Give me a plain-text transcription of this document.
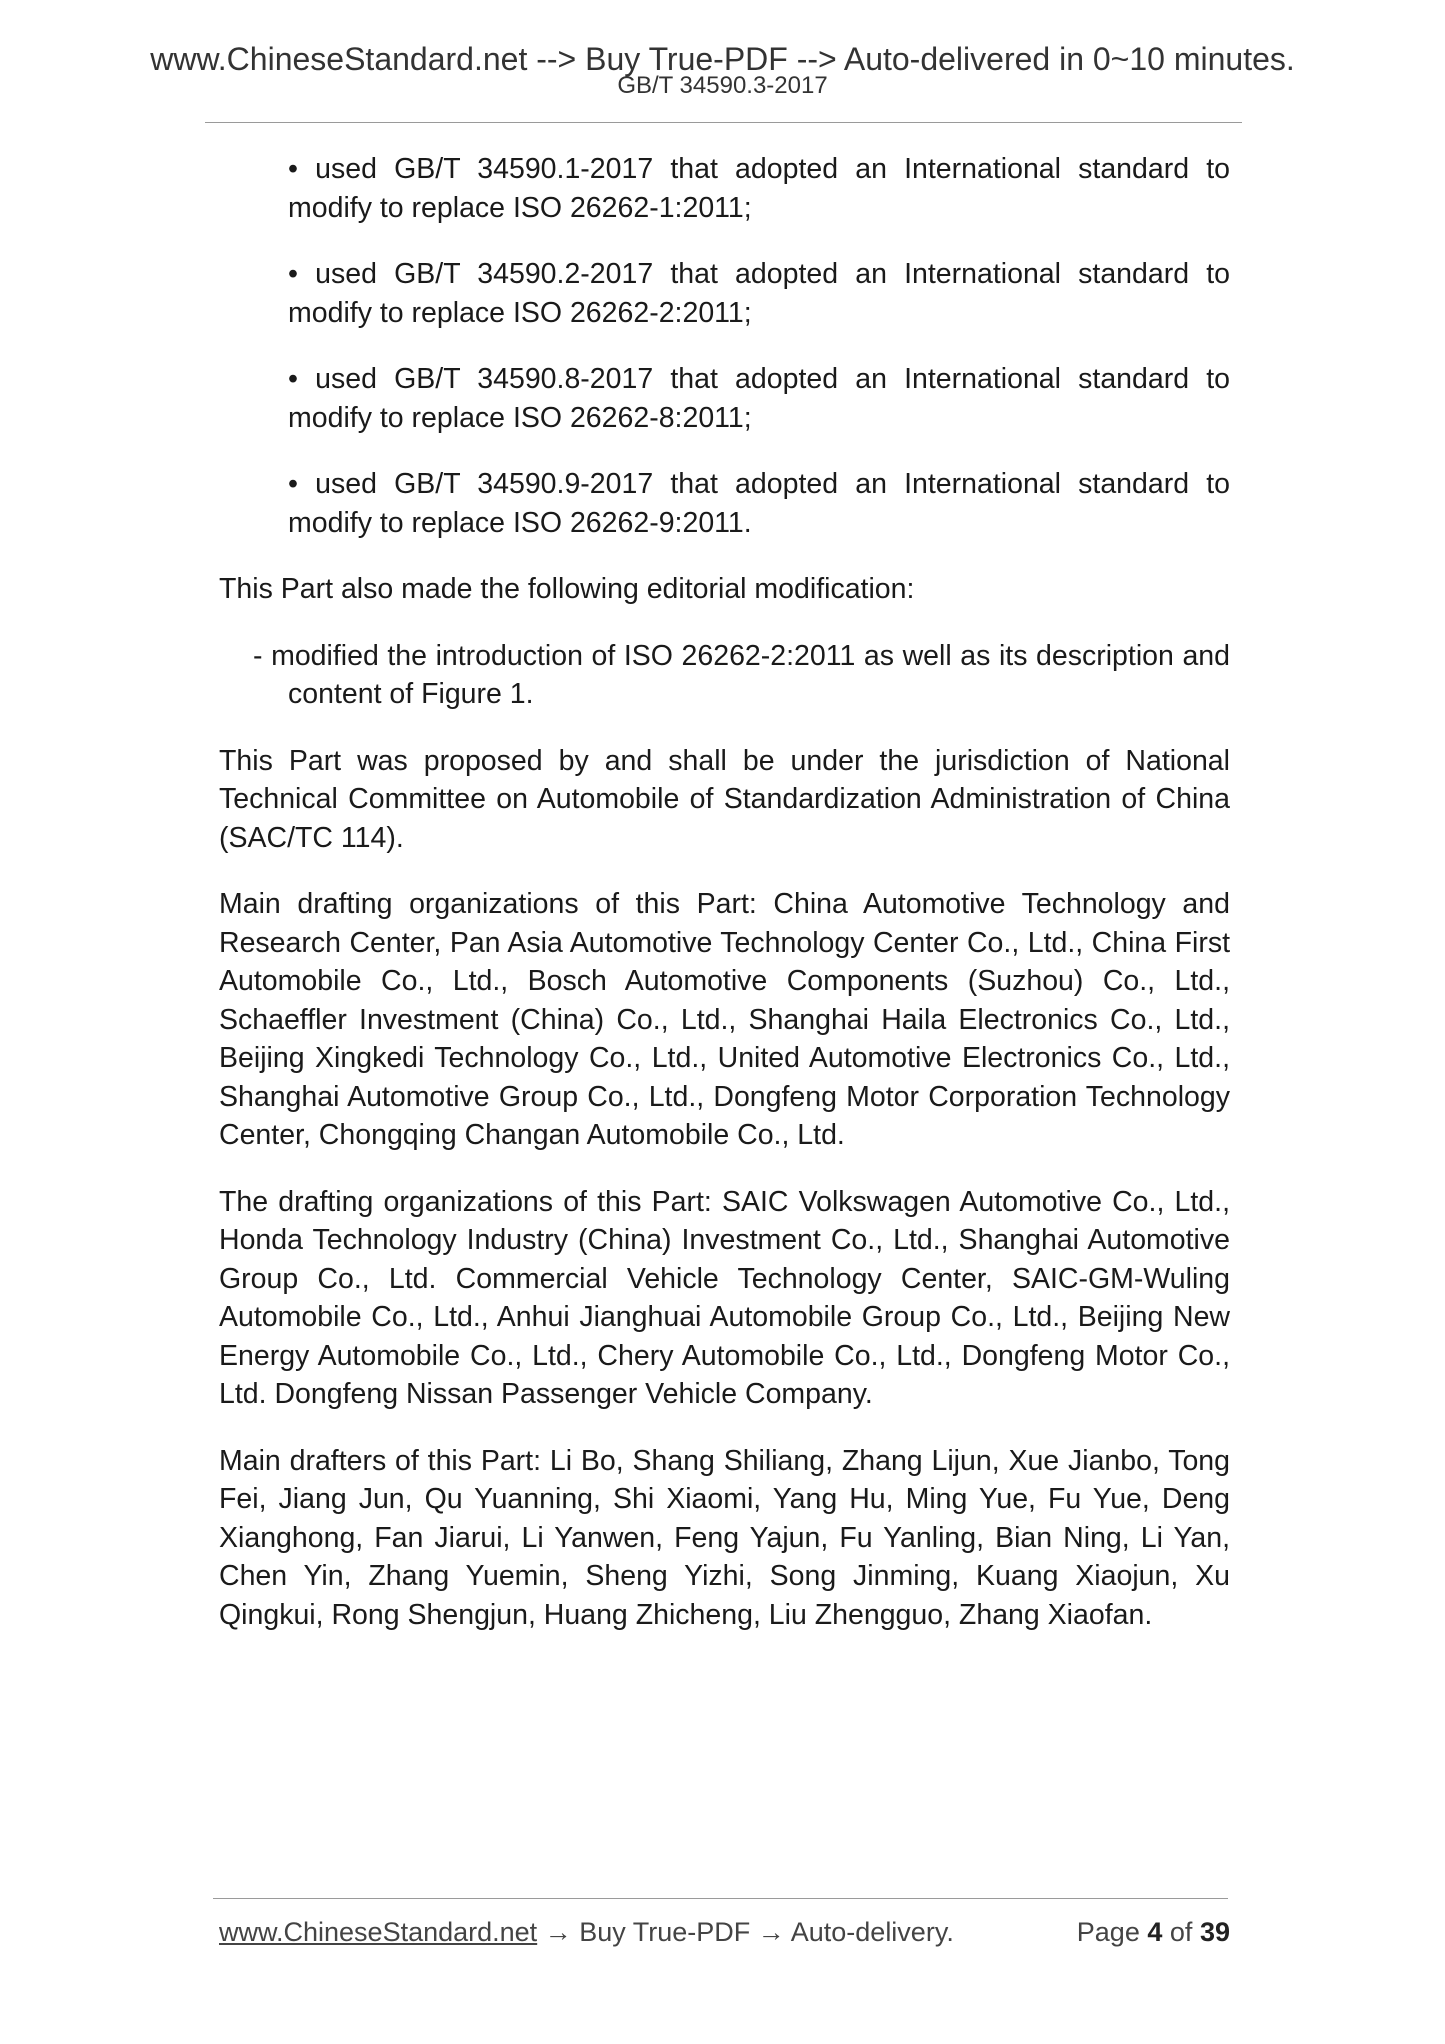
www.ChineseStandard.net --> Buy True-PDF --> Auto-delivered in 0~10 minutes.
GB/T 34590.3-2017

• used GB/T 34590.1-2017 that adopted an International standard to modify to replace ISO 26262-1:2011;

• used GB/T 34590.2-2017 that adopted an International standard to modify to replace ISO 26262-2:2011;

• used GB/T 34590.8-2017 that adopted an International standard to modify to replace ISO 26262-8:2011;

• used GB/T 34590.9-2017 that adopted an International standard to modify to replace ISO 26262-9:2011.

This Part also made the following editorial modification:

- modified the introduction of ISO 26262-2:2011 as well as its description and content of Figure 1.

This Part was proposed by and shall be under the jurisdiction of National Technical Committee on Automobile of Standardization Administration of China (SAC/TC 114).

Main drafting organizations of this Part: China Automotive Technology and Research Center, Pan Asia Automotive Technology Center Co., Ltd., China First Automobile Co., Ltd., Bosch Automotive Components (Suzhou) Co., Ltd., Schaeffler Investment (China) Co., Ltd., Shanghai Haila Electronics Co., Ltd., Beijing Xingkedi Technology Co., Ltd., United Automotive Electronics Co., Ltd., Shanghai Automotive Group Co., Ltd., Dongfeng Motor Corporation Technology Center, Chongqing Changan Automobile Co., Ltd.

The drafting organizations of this Part: SAIC Volkswagen Automotive Co., Ltd., Honda Technology Industry (China) Investment Co., Ltd., Shanghai Automotive Group Co., Ltd. Commercial Vehicle Technology Center, SAIC-GM-Wuling Automobile Co., Ltd., Anhui Jianghuai Automobile Group Co., Ltd., Beijing New Energy Automobile Co., Ltd., Chery Automobile Co., Ltd., Dongfeng Motor Co., Ltd. Dongfeng Nissan Passenger Vehicle Company.

Main drafters of this Part: Li Bo, Shang Shiliang, Zhang Lijun, Xue Jianbo, Tong Fei, Jiang Jun, Qu Yuanning, Shi Xiaomi, Yang Hu, Ming Yue, Fu Yue, Deng Xianghong, Fan Jiarui, Li Yanwen, Feng Yajun, Fu Yanling, Bian Ning, Li Yan, Chen Yin, Zhang Yuemin, Sheng Yizhi, Song Jinming, Kuang Xiaojun, Xu Qingkui, Rong Shengjun, Huang Zhicheng, Liu Zhengguo, Zhang Xiaofan.

www.ChineseStandard.net → Buy True-PDF → Auto-delivery.	Page 4 of 39
